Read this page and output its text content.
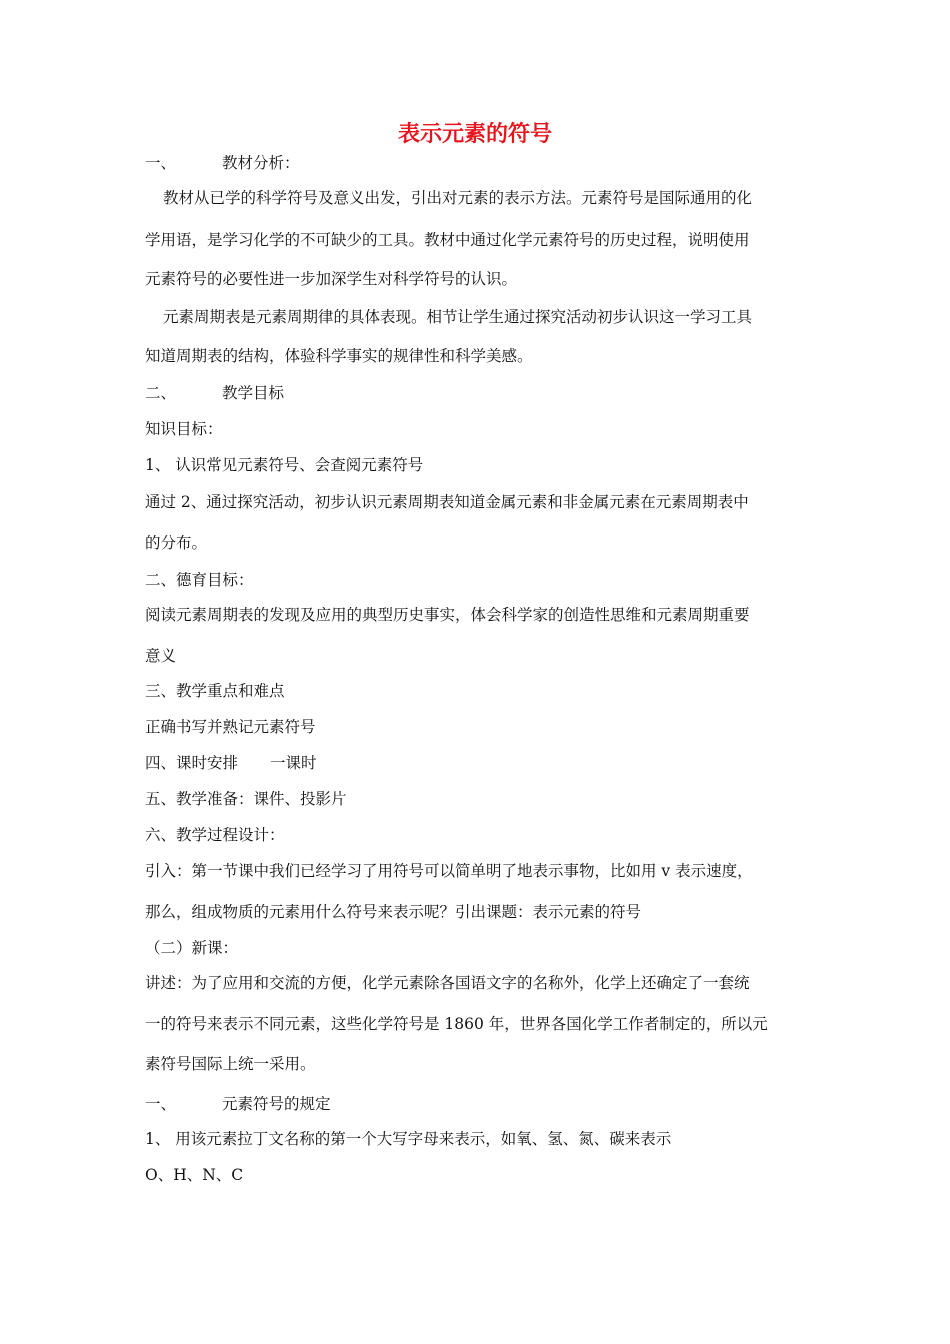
表示元素的符号
一、	教材分析：
教材从已学的科学符号及意义出发，引出对元素的表示方法。元素符号是国际通用的化
学用语，是学习化学的不可缺少的工具。教材中通过化学元素符号的历史过程，说明使用
元素符号的必要性进一步加深学生对科学符号的认识。
元素周期表是元素周期律的具体表现。相节让学生通过探究活动初步认识这一学习工具
知道周期表的结构，体验科学事实的规律性和科学美感。
二、	教学目标
知识目标：
1、 认识常见元素符号、会查阅元素符号
通过 2、通过探究活动，初步认识元素周期表知道金属元素和非金属元素在元素周期表中
的分布。
二、德育目标：
阅读元素周期表的发现及应用的典型历史事实，体会科学家的创造性思维和元素周期重要
意义
三、教学重点和难点
正确书写并熟记元素符号
四、课时安排 一课时
五、教学准备：课件、投影片
六、教学过程设计：
引入：第一节课中我们已经学习了用符号可以简单明了地表示事物，比如用 v 表示速度，
那么，组成物质的元素用什么符号来表示呢？引出课题：表示元素的符号
（二）新课：
讲述：为了应用和交流的方便，化学元素除各国语文字的名称外，化学上还确定了一套统
一的符号来表示不同元素，这些化学符号是 1860 年，世界各国化学工作者制定的，所以元
素符号国际上统一采用。
一、	元素符号的规定
1、 用该元素拉丁文名称的第一个大写字母来表示，如氧、氢、氮、碳来表示
O、H、N、C
